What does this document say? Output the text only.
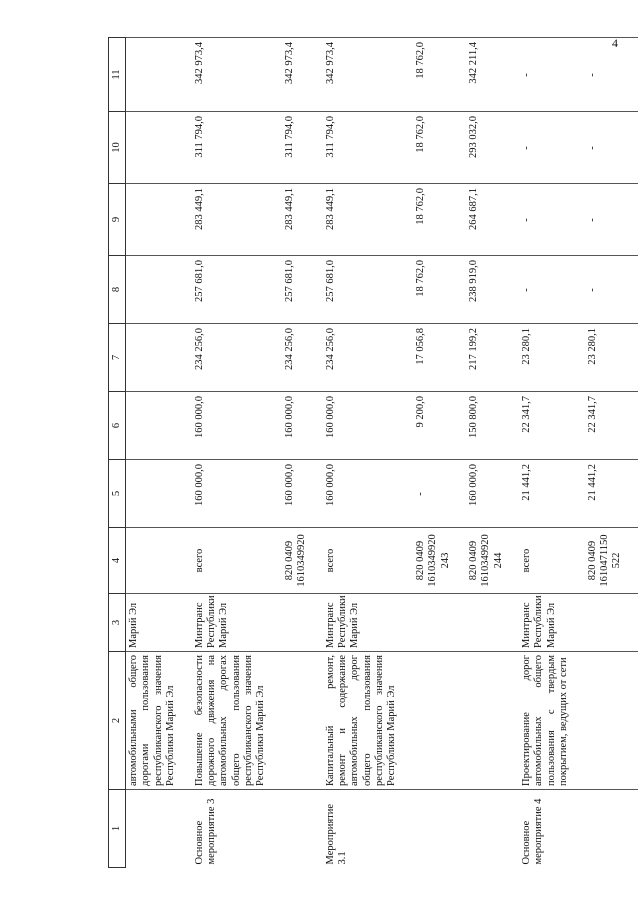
4
1	2	3	4	5	6	7	8	9	10	11
	автомобильными общего дорогами пользования республиканского значения Республики Марий Эл	Марий Эл								
Основное мероприятие 3	Повышение безопасности дорожного движения на автомобильных дорогах общего пользования республиканского значения Республики Марий Эл	Минтранс Республики Марий Эл	всего	160 000,0	160 000,0	234 256,0	257 681,0	283 449,1	311 794,0	342 973,4
			820 0409 1610349920	160 000,0	160 000,0	234 256,0	257 681,0	283 449,1	311 794,0	342 973,4
Мероприятие 3.1	Капитальный ремонт, ремонт и содержание автомобильных дорог общего пользования республиканского значения Республики Марий Эл	Минтранс Республики Марий Эл	всего	160 000,0	160 000,0	234 256,0	257 681,0	283 449,1	311 794,0	342 973,4
			820 0409 1610349920 243	-	9 200,0	17 056,8	18 762,0	18 762,0	18 762,0	18 762,0
			820 0409 1610349920 244	160 000,0	150 800,0	217 199,2	238 919,0	264 687,1	293 032,0	342 211,4
Основное мероприятие 4	Проектирование дорог автомобильных общего пользования с твердым покрытием, ведущих от сети	Минтранс Республики Марий Эл	всего	21 441,2	22 341,7	23 280,1	-	-	-	-
			820 0409 1610471150 522	21 441,2	22 341,7	23 280,1	-	-	-	-
